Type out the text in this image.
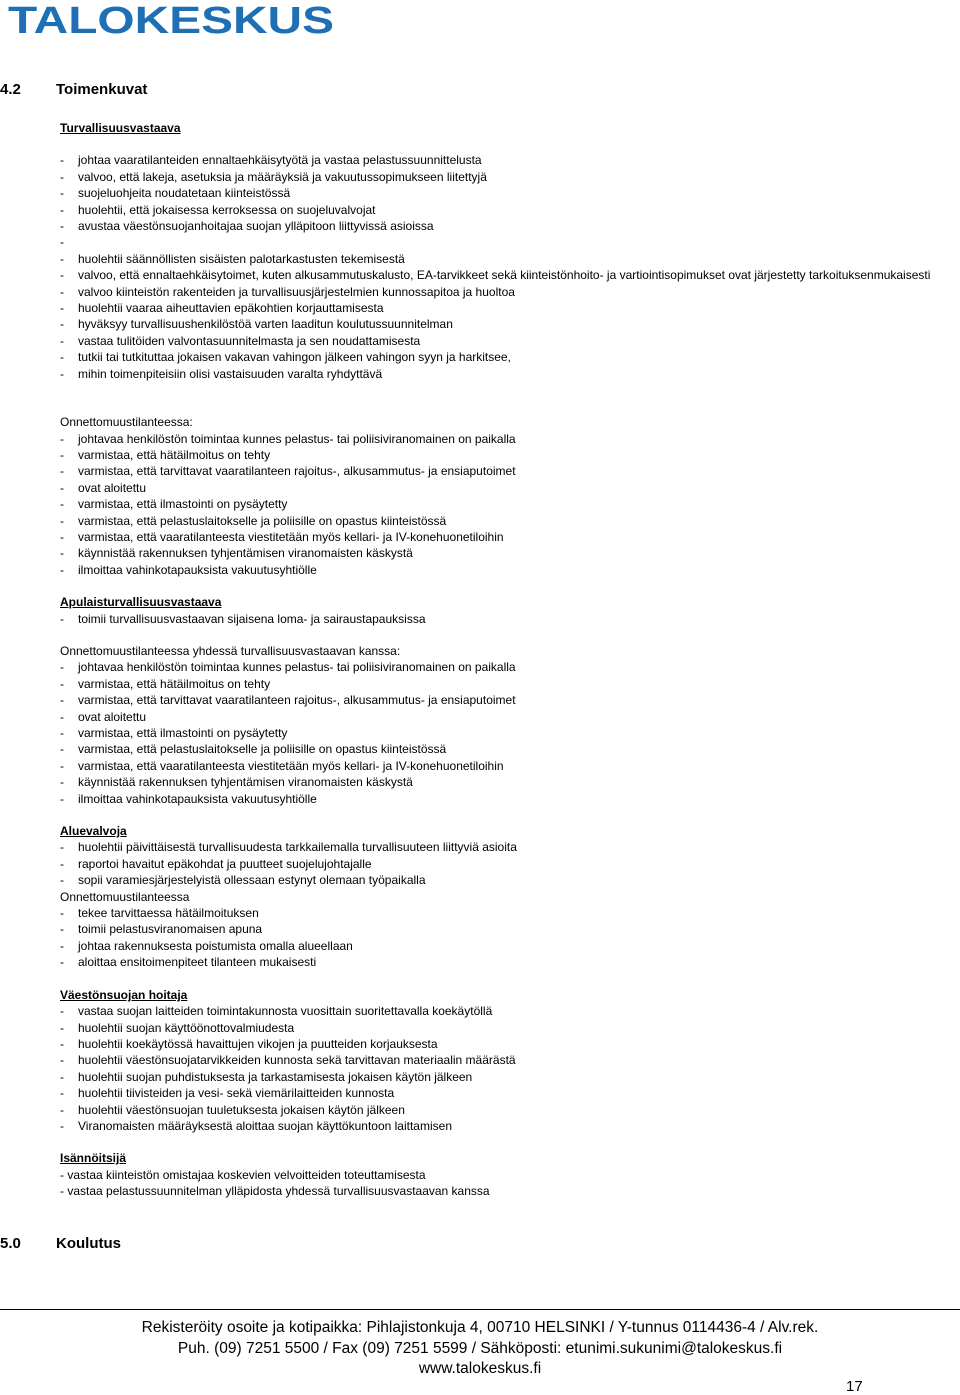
TALOKESKUS
4.2 Toimenkuvat
Turvallisuusvastaava
-	johtaa vaaratilanteiden ennaltaehkäisytyötä ja vastaa pelastussuunnittelusta
-	valvoo, että lakeja, asetuksia ja määräyksiä ja vakuutussopimukseen liitettyjä
-	suojeluohjeita noudatetaan kiinteistössä
-	huolehtii, että jokaisessa kerroksessa on suojeluvalvojat
-	avustaa väestönsuojanhoitajaa suojan ylläpitoon liittyvissä asioissa
-
-	huolehtii säännöllisten sisäisten palotarkastusten tekemisestä
-	valvoo, että ennaltaehkäisytoimet, kuten alkusammutuskalusto, EA-tarvikkeet sekä kiinteistönhoito- ja vartiointisopimukset ovat järjestetty tarkoituksenmukaisesti
-	valvoo kiinteistön rakenteiden ja turvallisuusjärjestelmien kunnossapitoa ja huoltoa
-	huolehtii vaaraa aiheuttavien epäkohtien korjauttamisesta
-	hyväksyy turvallisuushenkilöstöä varten laaditun koulutussuunnitelman
-	vastaa tulitöiden valvontasuunnitelmasta ja sen noudattamisesta
-	tutkii tai tutkituttaa jokaisen vakavan vahingon jälkeen vahingon syyn ja harkitsee,
-	mihin toimenpiteisiin olisi vastaisuuden varalta ryhdyttävä
Onnettomuustilanteessa:
-	johtavaa henkilöstön toimintaa kunnes pelastus- tai poliisiviranomainen on paikalla
-	varmistaa, että hätäilmoitus on tehty
-	varmistaa, että tarvittavat vaaratilanteen rajoitus-, alkusammutus- ja ensiaputoimet
-	ovat aloitettu
-	varmistaa, että ilmastointi on pysäytetty
-	varmistaa, että pelastuslaitokselle ja poliisille on opastus kiinteistössä
-	varmistaa, että vaaratilanteesta viestitetään myös kellari- ja IV-konehuonetiloihin
-	käynnistää rakennuksen tyhjentämisen viranomaisten käskystä
-	ilmoittaa vahinkotapauksista vakuutusyhtiölle
Apulaisturvallisuusvastaava
-	toimii turvallisuusvastaavan sijaisena loma- ja sairaustapauksissa
Onnettomuustilanteessa yhdessä turvallisuusvastaavan kanssa:
-	johtavaa henkilöstön toimintaa kunnes pelastus- tai poliisiviranomainen on paikalla
-	varmistaa, että hätäilmoitus on tehty
-	varmistaa, että tarvittavat vaaratilanteen rajoitus-, alkusammutus- ja ensiaputoimet
-	ovat aloitettu
-	varmistaa, että ilmastointi on pysäytetty
-	varmistaa, että pelastuslaitokselle ja poliisille on opastus kiinteistössä
-	varmistaa, että vaaratilanteesta viestitetään myös kellari- ja IV-konehuonetiloihin
-	käynnistää rakennuksen tyhjentämisen viranomaisten käskystä
-	ilmoittaa vahinkotapauksista vakuutusyhtiölle
Aluevalvoja
-	huolehtii päivittäisestä turvallisuudesta tarkkailemalla turvallisuuteen liittyviä asioita
-	raportoi havaitut epäkohdat ja puutteet suojelujohtajalle
-	sopii varamiesjärjestelyistä ollessaan estynyt olemaan työpaikalla
Onnettomuustilanteessa
-	tekee tarvittaessa hätäilmoituksen
-	toimii pelastusviranomaisen apuna
-	johtaa rakennuksesta poistumista omalla alueellaan
-	aloittaa ensitoimenpiteet tilanteen mukaisesti
Väestönsuojan hoitaja
-	vastaa suojan laitteiden toimintakunnosta vuosittain suoritettavalla koekäytöllä
-	huolehtii suojan käyttöönottovalmiudesta
-	huolehtii koekäytössä havaittujen vikojen ja puutteiden korjauksesta
-	huolehtii väestönsuojatarvikkeiden kunnosta sekä tarvittavan materiaalin määrästä
-	huolehtii suojan puhdistuksesta ja tarkastamisesta jokaisen käytön jälkeen
-	huolehtii tiivisteiden ja vesi- sekä viemärilaitteiden kunnosta
-	huolehtii väestönsuojan tuuletuksesta jokaisen käytön jälkeen
-	Viranomaisten määräyksestä aloittaa suojan käyttökuntoon laittamisen
Isännöitsijä
- vastaa kiinteistön omistajaa koskevien velvoitteiden toteuttamisesta
- vastaa pelastussuunnitelman ylläpidosta yhdessä turvallisuusvastaavan kanssa
5.0 Koulutus
Rekisteröity osoite ja kotipaikka: Pihlajistonkuja 4, 00710 HELSINKI / Y-tunnus 0114436-4 / Alv.rek.
Puh. (09) 7251 5500 / Fax (09) 7251 5599 / Sähköposti: etunimi.sukunimi@talokeskus.fi
www.talokeskus.fi
17
